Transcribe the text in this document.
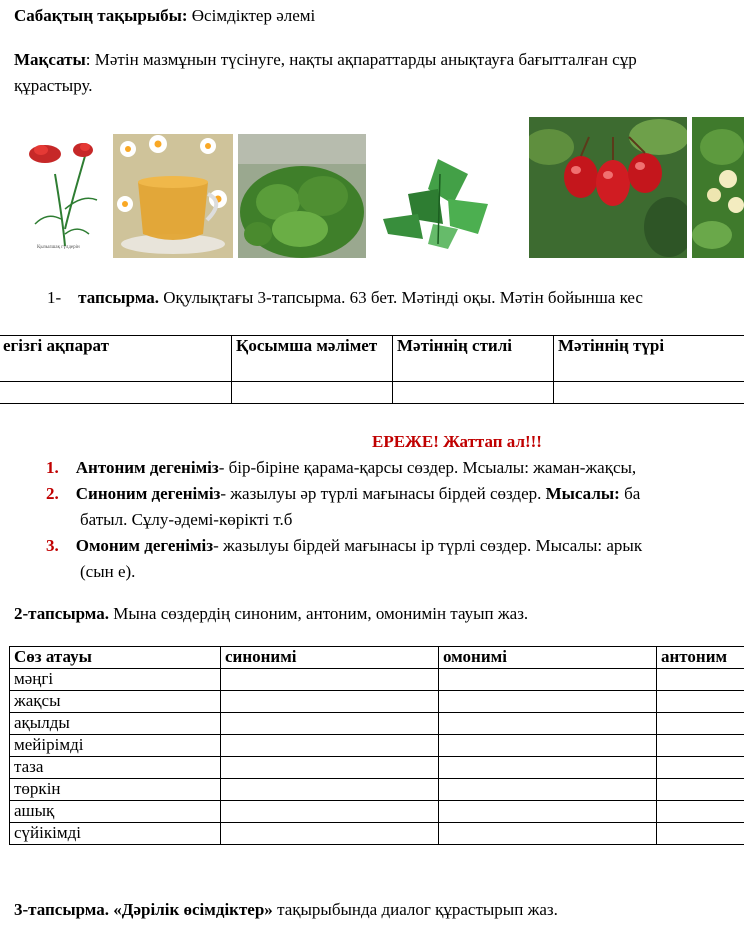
Сабақтың тақырыбы: Өсімдіктер әлемі
Мақсаты: Мәтін мазмұнын түсінуге, нақты ақпараттарды анықтауға бағытталған сұр
құрастыру.
Қызылшақ гүлдерін
1- тапсырма. Оқулықтағы 3-тапсырма. 63 бет. Мәтінді оқы. Мәтін бойынша кес
егізгі ақпарат	Қосымша мәлімет	Мәтіннің стилі	Мәтіннің түрі

ЕРЕЖЕ! Жаттап ал!!!
1. Антоним дегеніміз- бір-біріне қарама-қарсы сөздер. Мсыалы: жаман-жақсы,
2. Синоним дегеніміз- жазылуы әр түрлі мағынасы бірдей сөздер. Мысалы: ба
батыл. Сұлу-әдемі-көрікті т.б
3. Омоним дегеніміз- жазылуы бірдей мағынасы ір түрлі сөздер. Мысалы: арык
(сын е).
2-тапсырма. Мына сөздердің синоним, антоним, омонимін тауып жаз.
Сөз атауы	синонимі	омонимі	антоним
мәңгі			
жақсы			
ақылды			
мейірімді			
таза			
төркін			
ашық			
сүйікімді			
3-тапсырма. «Дәрілік өсімдіктер» тақырыбында диалог құрастырып жаз.
